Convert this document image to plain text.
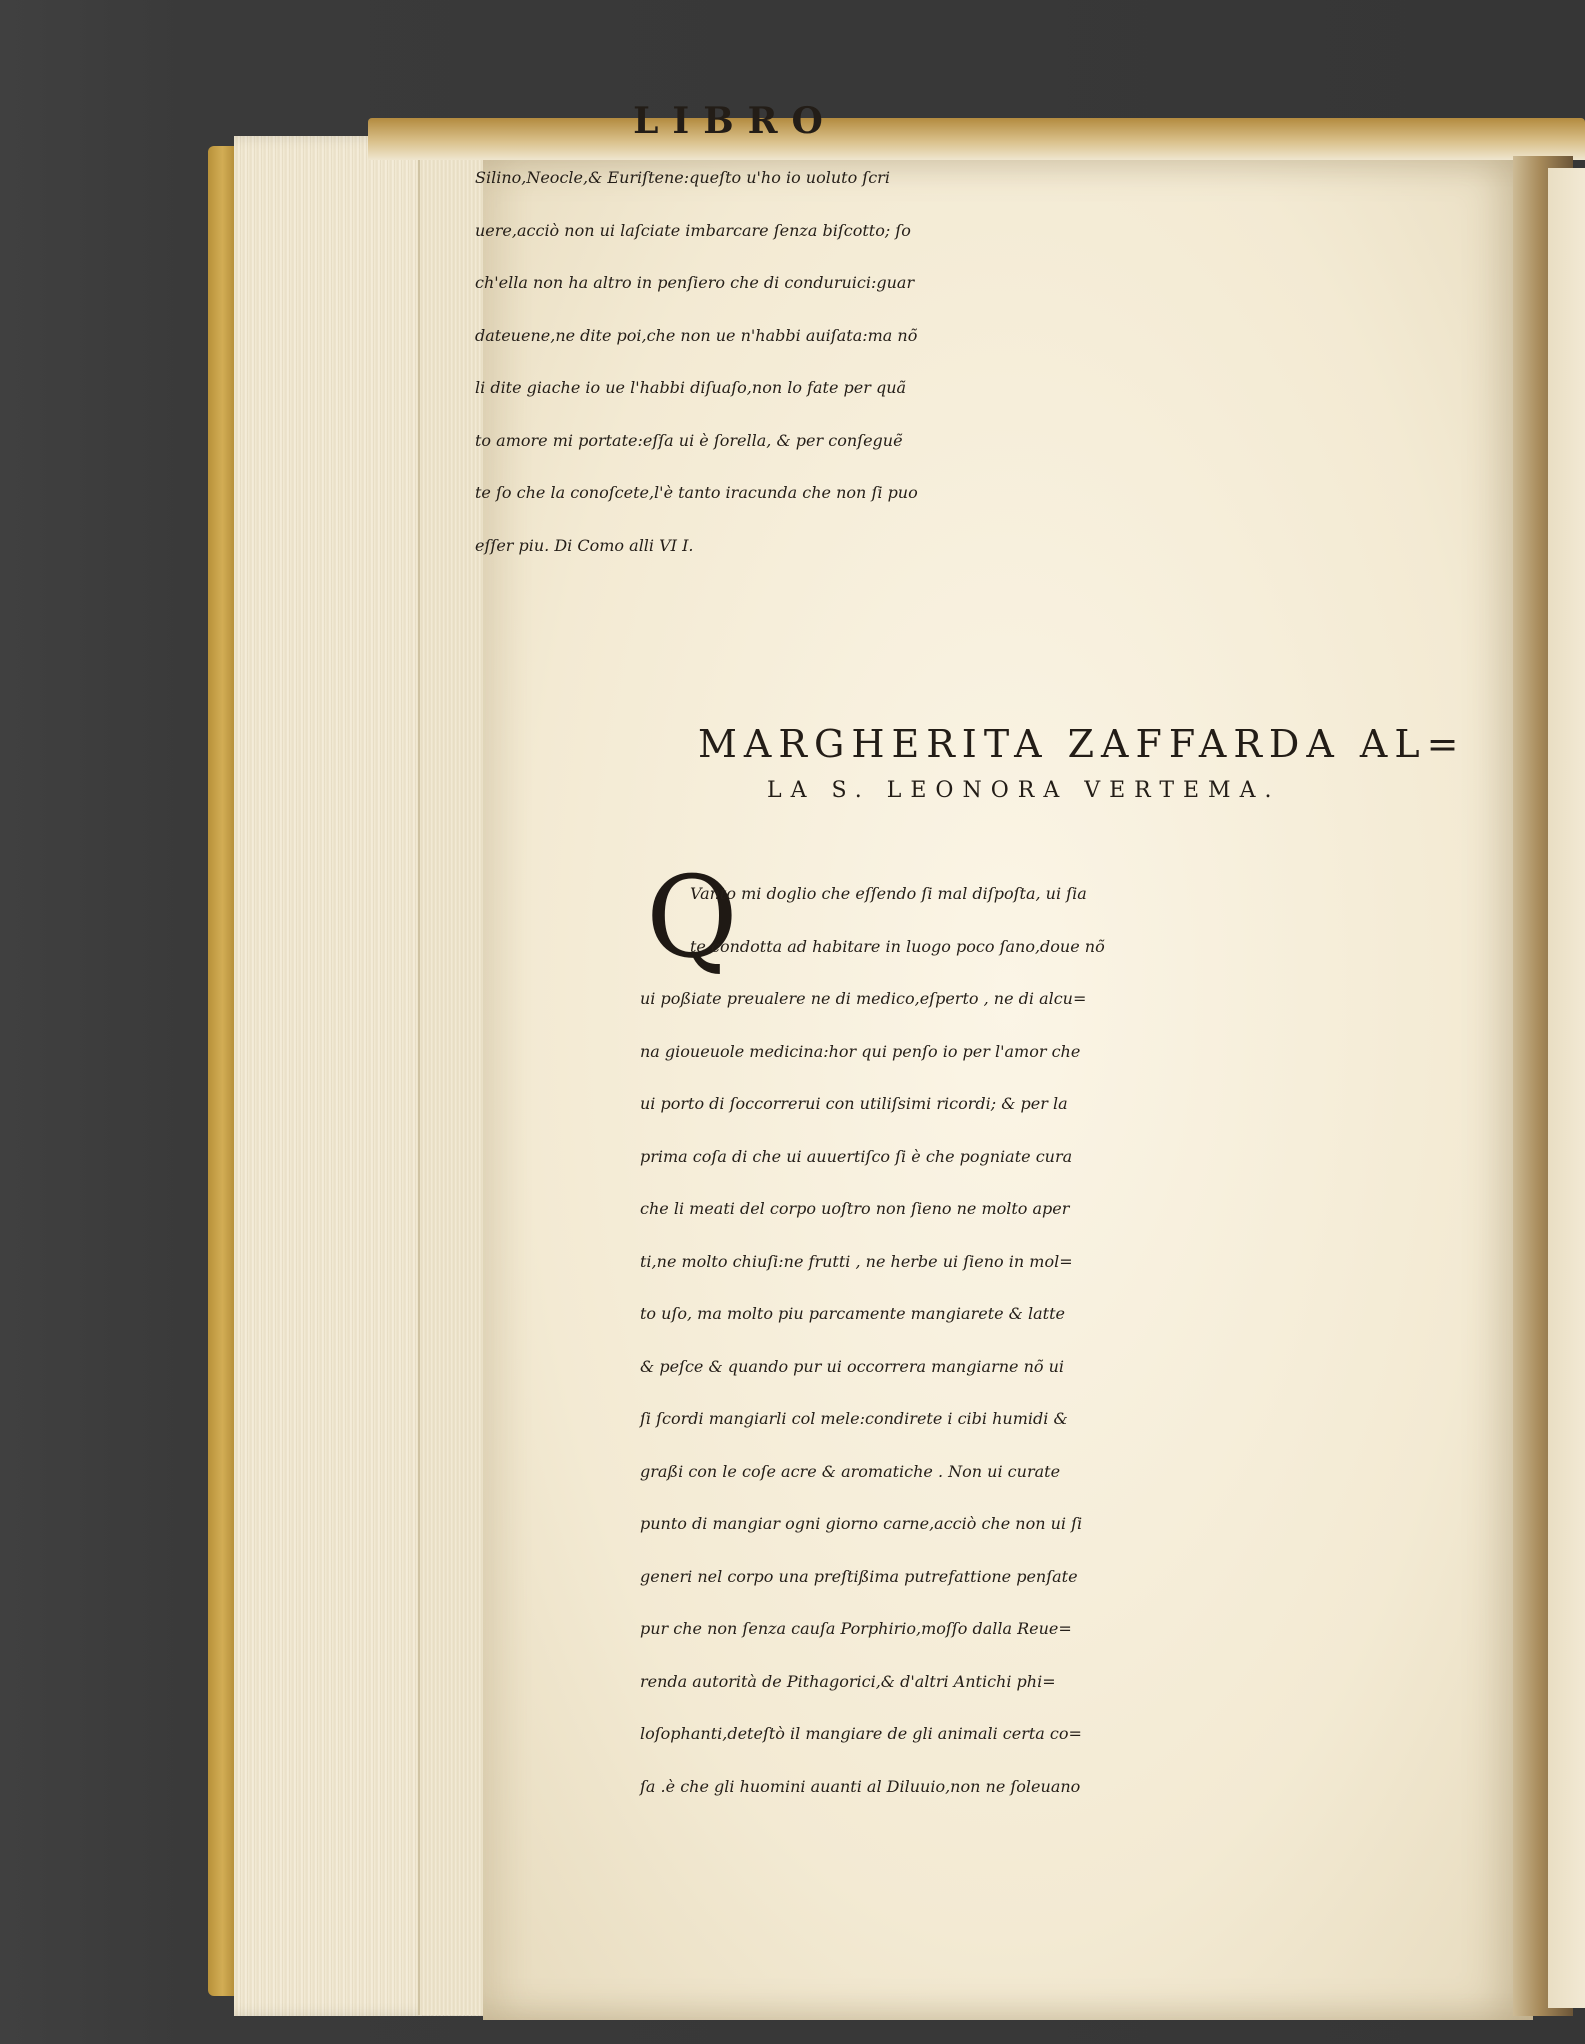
LIBRO
Silino,Neocle,& Euriſtene:queſto u'ho io uoluto ſcri
uere,acciò non ui laſciate imbarcare ſenza biſcotto; ſo
ch'ella non ha altro in penſiero che di conduruici:guar
dateuene,ne dite poi,che non ue n'habbi auiſata:ma nõ
li dite giache io ue l'habbi diſuaſo,non lo fate per quã
to amore mi portate:eſſa ui è ſorella, & per conſeguẽ
te ſo che la conoſcete,l'è tanto iracunda che non ſi puo
eſſer piu. Di Como alli VI I.
MARGHERITA ZAFFARDA AL=
LA S. LEONORA VERTEMA.
Q
Vanto mi doglio che eſſendo ſi mal diſpoſta, ui ſia
te condotta ad habitare in luogo poco ſano,doue nõ
ui poßiate preualere ne di medico,eſperto , ne di alcu=
na gioueuole medicina:hor qui penſo io per l'amor che
ui porto di ſoccorrerui con utiliſsimi ricordi; & per la
prima coſa di che ui auuertiſco ſi è che pogniate cura
che li meati del corpo uoſtro non ſieno ne molto aper
ti,ne molto chiuſi:ne frutti , ne herbe ui ſieno in mol=
to uſo, ma molto piu parcamente mangiarete & latte
& peſce & quando pur ui occorrera mangiarne nõ ui
ſi ſcordi mangiarli col mele:condirete i cibi humidi &
graßi con le coſe acre & aromatiche . Non ui curate
punto di mangiar ogni giorno carne,acciò che non ui ſi
generi nel corpo una preſtißima putrefattione penſate
pur che non ſenza cauſa Porphirio,moſſo dalla Reue=
renda autorità de Pithagorici,& d'altri Antichi phi=
loſophanti,deteſtò il mangiare de gli animali certa co=
ſa .è che gli huomini auanti al Diluuio,non ne ſoleuano
